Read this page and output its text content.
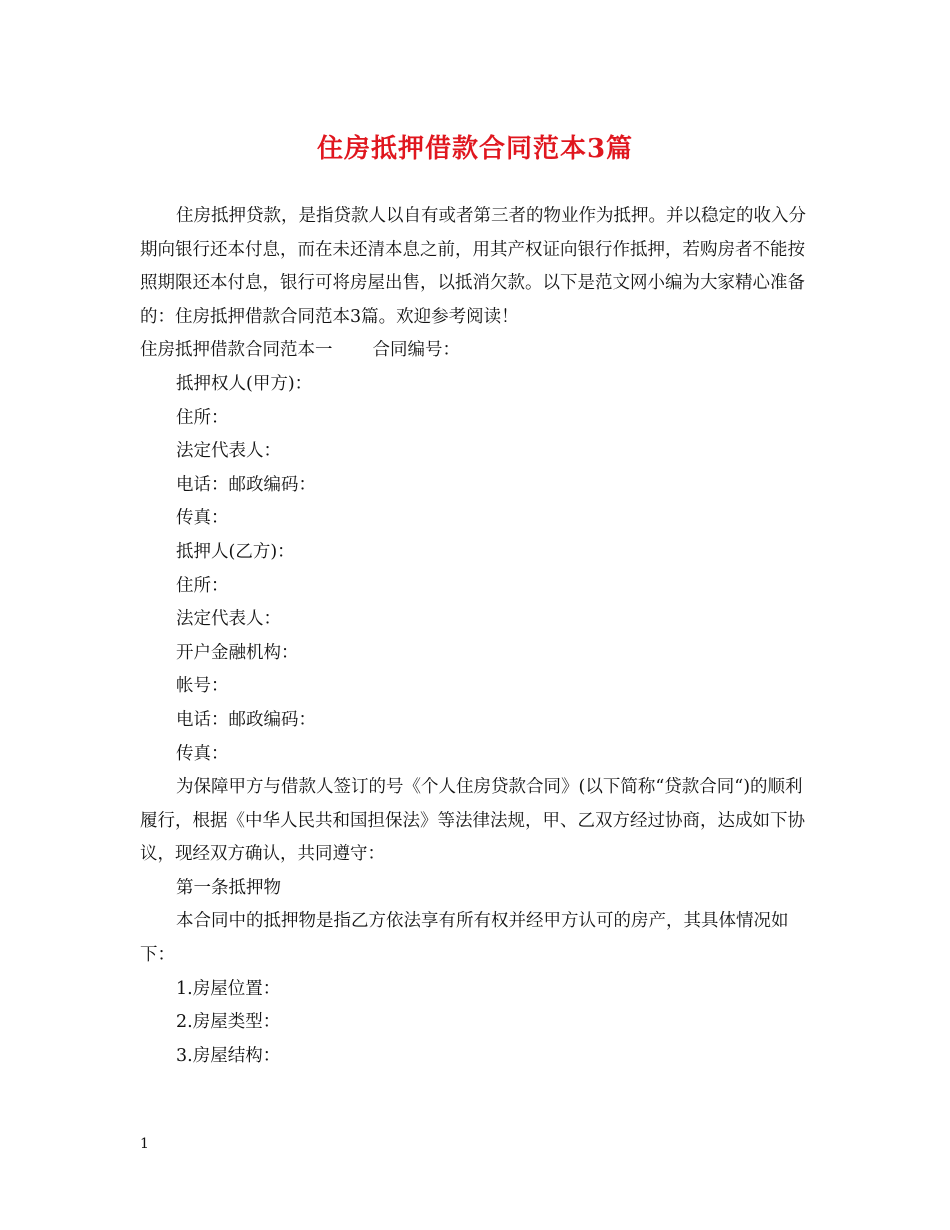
住房抵押借款合同范本3篇

住房抵押贷款，是指贷款人以自有或者第三者的物业作为抵押。并以稳定的收入分期向银行还本付息，而在未还清本息之前，用其产权证向银行作抵押，若购房者不能按照期限还本付息，银行可将房屋出售，以抵消欠款。以下是范文网小编为大家精心准备的：住房抵押借款合同范本3篇。欢迎参考阅读！

住房抵押借款合同范本一 合同编号：

抵押权人(甲方)：

住所：

法定代表人：

电话：邮政编码：

传真：

抵押人(乙方)：

住所：

法定代表人：

开户金融机构：

帐号：

电话：邮政编码：

传真：

为保障甲方与借款人签订的号《个人住房贷款合同》(以下简称“贷款合同“)的顺利履行，根据《中华人民共和国担保法》等法律法规，甲、乙双方经过协商，达成如下协议，现经双方确认，共同遵守：

第一条抵押物

本合同中的抵押物是指乙方依法享有所有权并经甲方认可的房产，其具体情况如下：

1.房屋位置：

2.房屋类型：

3.房屋结构：

1
